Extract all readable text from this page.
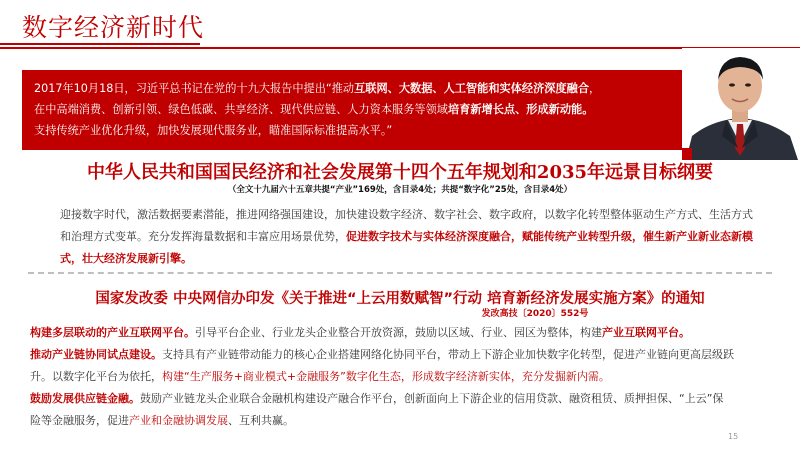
数字经济新时代

2017年10月18日，习近平总书记在党的十九大报告中提出“推动互联网、大数据、人工智能和实体经济深度融合，

在中高端消费、创新引领、绿色低碳、共享经济、现代供应链、人力资本服务等领域培育新增长点、形成新动能。

支持传统产业优化升级，加快发展现代服务业，瞄准国际标准提高水平。”

中华人民共和国国民经济和社会发展第十四个五年规划和2035年远景目标纲要
（全文十九届六十五章共提“产业”169处，含目录4处；共提“数字化”25处，含目录4处）
迎接数字时代，激活数据要素潜能，推进网络强国建设，加快建设数字经济、数字社会、数字政府，以数字化转型整体驱动生产方式、生活方式和治理方式变革。充分发挥海量数据和丰富应用场景优势，促进数字技术与实体经济深度融合，赋能传统产业转型升级，催生新产业新业态新模式，壮大经济发展新引擎。
国家发改委 中央网信办印发《关于推进“上云用数赋智”行动 培育新经济发展实施方案》的通知
发改高技〔2020〕552号
构建多层联动的产业互联网平台。引导平台企业、行业龙头企业整合开放资源，鼓励以区域、行业、园区为整体，构建产业互联网平台。
推动产业链协同试点建设。支持具有产业链带动能力的核心企业搭建网络化协同平台，带动上下游企业加快数字化转型，促进产业链向更高层级跃
升。以数字化平台为依托，构建“生产服务+商业模式+金融服务”数字化生态，形成数字经济新实体，充分发掘新内需。
鼓励发展供应链金融。鼓励产业链龙头企业联合金融机构建设产融合作平台，创新面向上下游企业的信用贷款、融资租赁、质押担保、“上云”保
险等金融服务，促进产业和金融协调发展、互利共赢。
15
